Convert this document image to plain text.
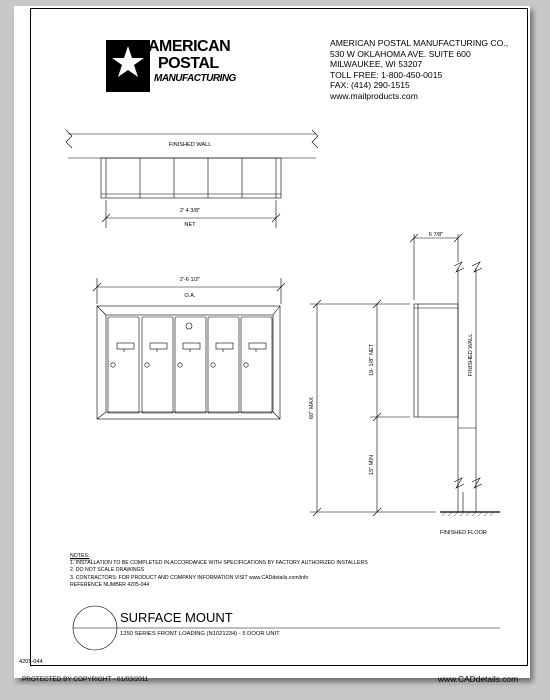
AMERICAN
POSTAL
MANUFACTURING
AMERICAN POSTAL MANUFACTURING CO.,
530 W OKLAHOMA AVE. SUITE 600
MILWAUKEE, WI 53207
TOLL FREE: 1-800-450-0015
FAX: (414) 290-1515
www.mailproducts.com
FINISHED WALL
2' 4 3/8"
NET
2'-6 1/2"
O.A.
6 7/8"
19- 1/8" NET
60" MAX
15" MIN
FINISHED WALL
FINISHED FLOOR
NOTES:
1. INSTALLATION TO BE COMPLETED IN ACCORDANCE WITH SPECIFICATIONS BY FACTORY AUTHORIZED INSTALLERS
2. DO NOT SCALE DRAWINGS
3. CONTRACTORS: FOR PRODUCT AND COMPANY INFORMATION VISIT www.CADdetails.com/info
REFERENCE NUMBER 4205-044
SURFACE MOUNT
1250 SERIES FRONT LOADING (N1021234) - 5 DOOR UNIT
4205-044
PROTECTED BY COPYRIGHT - 01/03/2011	www.CADdetails.com
